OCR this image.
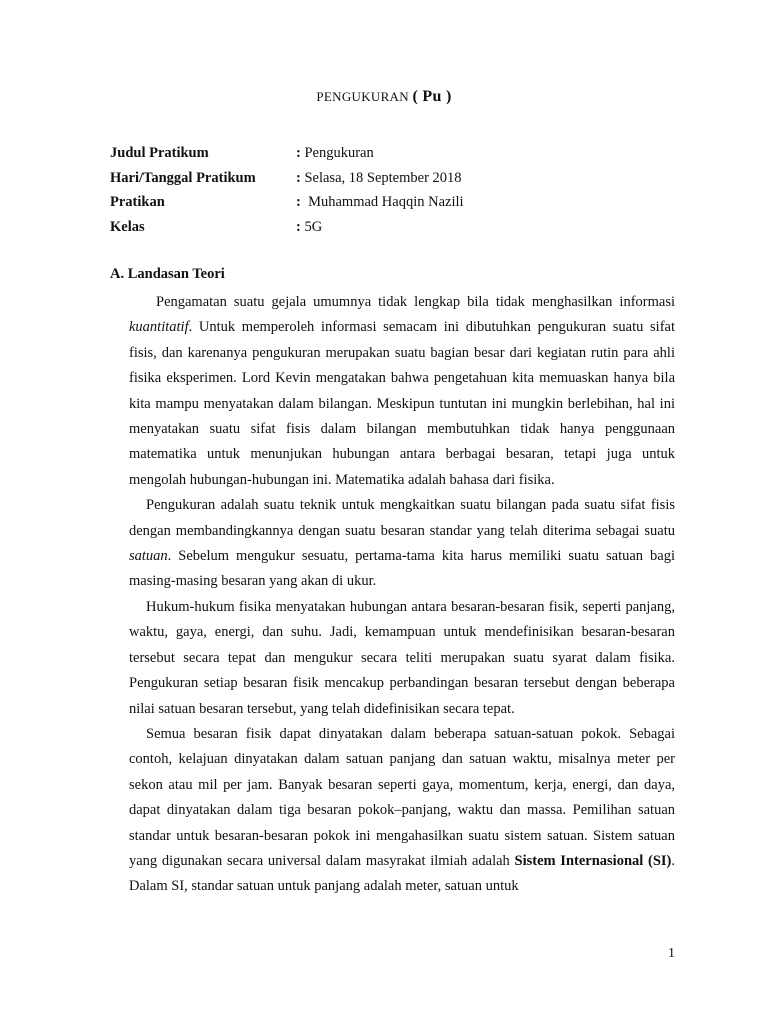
PENGUKURAN ( Pu )
Judul Pratikum	: Pengukuran
Hari/Tanggal Pratikum	: Selasa, 18 September 2018
Pratikan	:  Muhammad Haqqin Nazili
Kelas	: 5G
A. Landasan Teori

Pengamatan suatu gejala umumnya tidak lengkap bila tidak menghasilkan informasi kuantitatif. Untuk memperoleh informasi semacam ini dibutuhkan pengukuran suatu sifat fisis, dan karenanya pengukuran merupakan suatu bagian besar dari kegiatan rutin para ahli fisika eksperimen. Lord Kevin mengatakan bahwa pengetahuan kita memuaskan hanya bila kita mampu menyatakan dalam bilangan. Meskipun tuntutan ini mungkin berlebihan, hal ini menyatakan suatu sifat fisis dalam bilangan membutuhkan tidak hanya penggunaan matematika untuk menunjukan hubungan antara berbagai besaran, tetapi juga untuk mengolah hubungan-hubungan ini. Matematika adalah bahasa dari fisika.

Pengukuran adalah suatu teknik untuk mengkaitkan suatu bilangan pada suatu sifat fisis dengan membandingkannya dengan suatu besaran standar yang telah diterima sebagai suatu satuan. Sebelum mengukur sesuatu, pertama-tama kita harus memiliki suatu satuan bagi masing-masing besaran yang akan di ukur.

Hukum-hukum fisika menyatakan hubungan antara besaran-besaran fisik, seperti panjang, waktu, gaya, energi, dan suhu. Jadi, kemampuan untuk mendefinisikan besaran-besaran tersebut secara tepat dan mengukur secara teliti merupakan suatu syarat dalam fisika. Pengukuran setiap besaran fisik mencakup perbandingan besaran tersebut dengan beberapa nilai satuan besaran tersebut, yang telah didefinisikan secara tepat.

Semua besaran fisik dapat dinyatakan dalam beberapa satuan-satuan pokok. Sebagai contoh, kelajuan dinyatakan dalam satuan panjang dan satuan waktu, misalnya meter per sekon atau mil per jam. Banyak besaran seperti gaya, momentum, kerja, energi, dan daya, dapat dinyatakan dalam tiga besaran pokok–panjang, waktu dan massa. Pemilihan satuan standar untuk besaran-besaran pokok ini mengahasilkan suatu sistem satuan. Sistem satuan yang digunakan secara universal dalam masyrakat ilmiah adalah Sistem Internasional (SI). Dalam SI, standar satuan untuk panjang adalah meter, satuan untuk

1
